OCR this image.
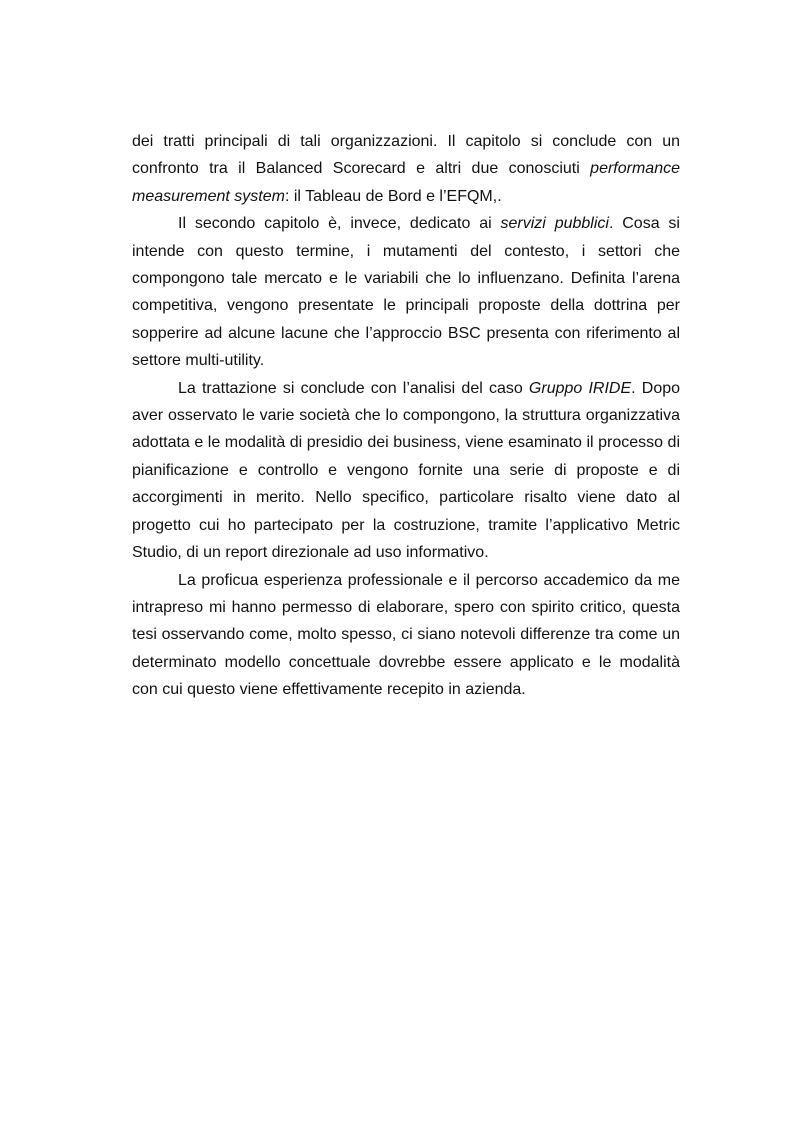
dei tratti principali di tali organizzazioni. Il capitolo si conclude con un confronto tra il Balanced Scorecard e altri due conosciuti performance measurement system: il Tableau de Bord e l’EFQM,.

Il secondo capitolo è, invece, dedicato ai servizi pubblici. Cosa si intende con questo termine, i mutamenti del contesto, i settori che compongono tale mercato e le variabili che lo influenzano. Definita l’arena competitiva, vengono presentate le principali proposte della dottrina per sopperire ad alcune lacune che l’approccio BSC presenta con riferimento al settore multi-utility.

La trattazione si conclude con l’analisi del caso Gruppo IRIDE. Dopo aver osservato le varie società che lo compongono, la struttura organizzativa adottata e le modalità di presidio dei business, viene esaminato il processo di pianificazione e controllo e vengono fornite una serie di proposte e di accorgimenti in merito. Nello specifico, particolare risalto viene dato al progetto cui ho partecipato per la costruzione, tramite l’applicativo Metric Studio, di un report direzionale ad uso informativo.

La proficua esperienza professionale e il percorso accademico da me intrapreso mi hanno permesso di elaborare, spero con spirito critico, questa tesi osservando come, molto spesso, ci siano notevoli differenze tra come un determinato modello concettuale dovrebbe essere applicato e le modalità con cui questo viene effettivamente recepito in azienda.
